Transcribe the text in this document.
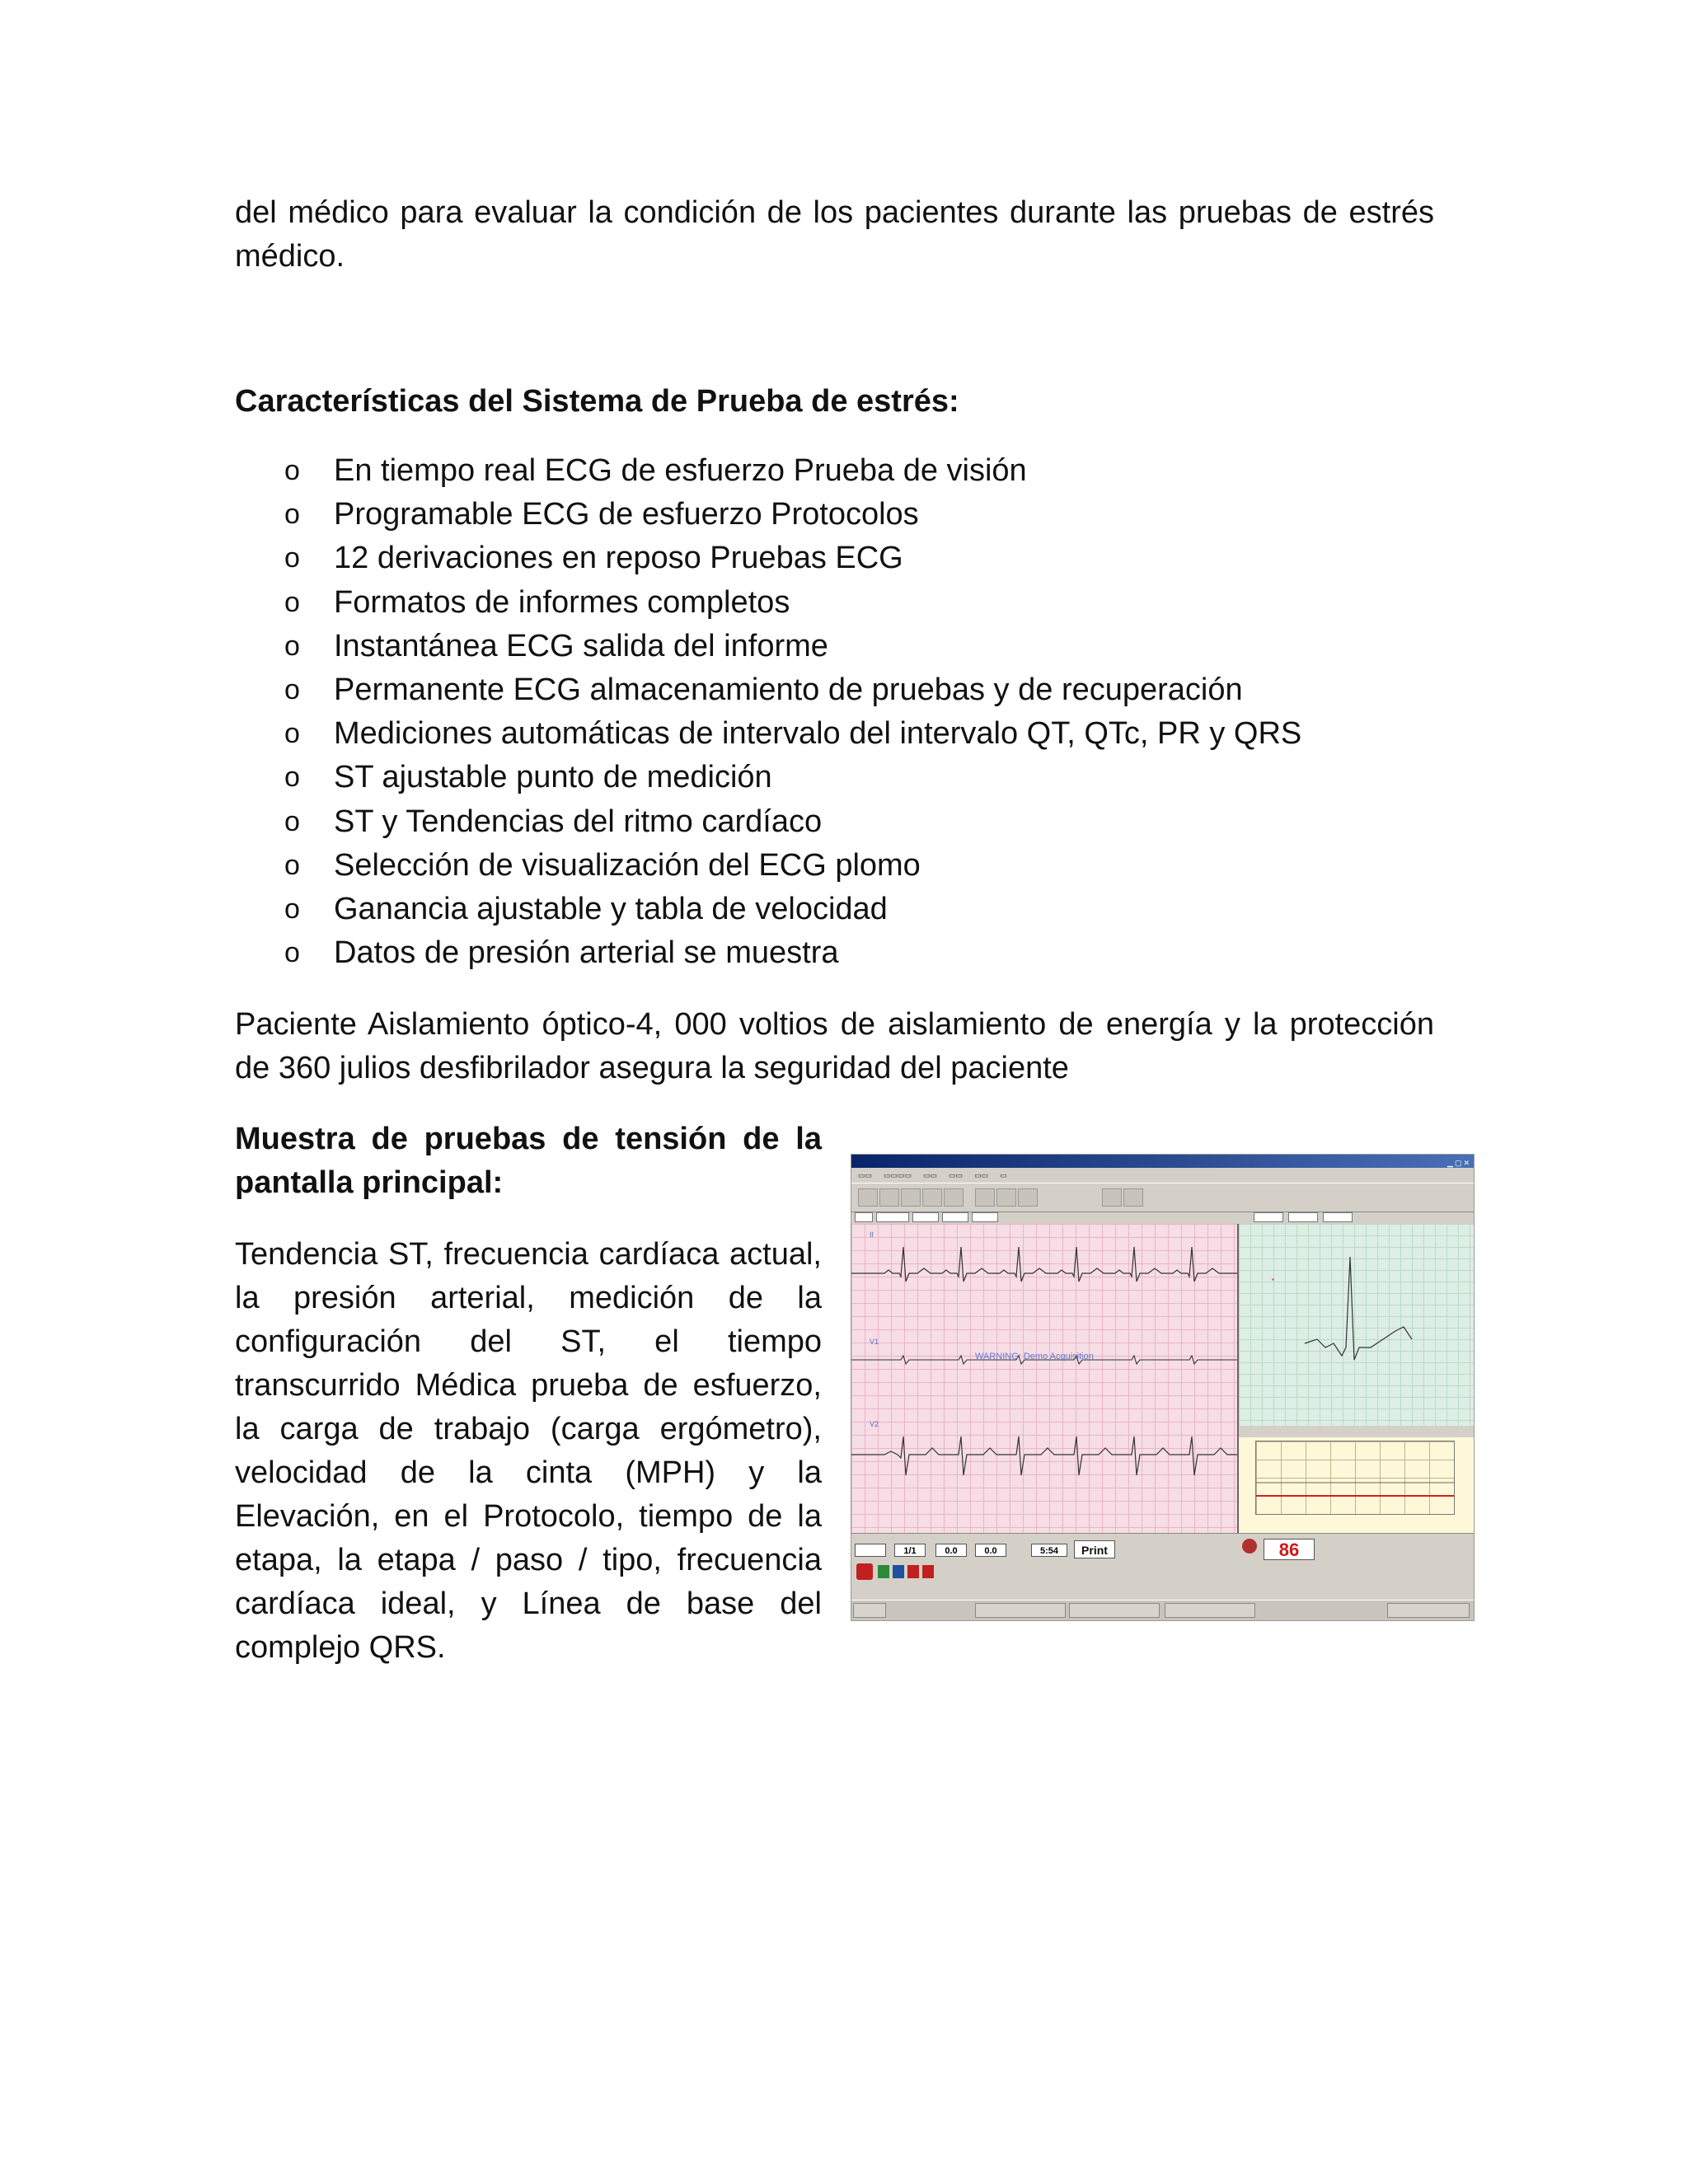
del médico para evaluar la condición de los pacientes durante las pruebas de estrés médico.

Características del Sistema de Prueba de estrés:

o En tiempo real ECG de esfuerzo Prueba de visión
o Programable ECG de esfuerzo Protocolos
o 12 derivaciones en reposo Pruebas ECG
o Formatos de informes completos
o Instantánea ECG salida del informe
o Permanente ECG almacenamiento de pruebas y de recuperación
o Mediciones automáticas de intervalo del intervalo QT, QTc, PR y QRS
o ST ajustable punto de medición
o ST y Tendencias del ritmo cardíaco
o Selección de visualización del ECG plomo
o Ganancia ajustable y tabla de velocidad
o Datos de presión arterial se muestra

Paciente Aislamiento óptico-4, 000 voltios de aislamiento de energía y la protección de 360 julios desfibrilador asegura la seguridad del paciente

Muestra de pruebas de tensión de la pantalla principal:

Tendencia ST, frecuencia cardíaca actual, la presión arterial, medición de la configuración del ST, el tiempo transcurrido Médica prueba de esfuerzo, la carga de trabajo (carga ergómetro), velocidad de la cinta (MPH) y la Elevación, en el Protocolo, tiempo de la etapa, la etapa / paso / tipo, frecuencia cardíaca ideal, y Línea de base del complejo QRS.

▁▢✕
▭▭ ▭▭▭▭ ▭▭ ▭▭ ▭▭ ▭
II
V1
V2
WARNING: Demo Acquisition
▪
1/1	0.0	0.0	5:54	Print	86
